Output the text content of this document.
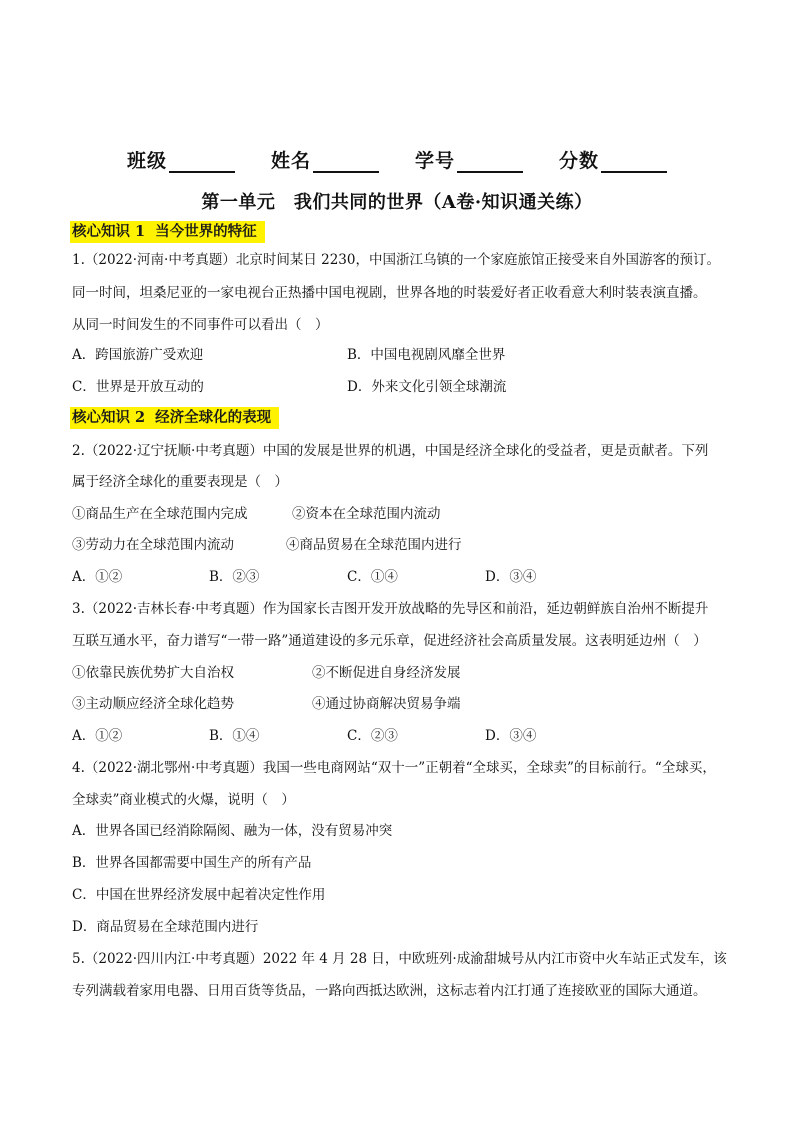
班级	姓名	学号	分数
第一单元　我们共同的世界（A卷·知识通关练）
核心知识 1 当今世界的特征
1.（2022·河南·中考真题）北京时间某日 2230，中国浙江乌镇的一个家庭旅馆正接受来自外国游客的预订。
同一时间，坦桑尼亚的一家电视台正热播中国电视剧，世界各地的时装爱好者正收看意大利时装表演直播。
从同一时间发生的不同事件可以看出（　）
A．跨国旅游广受欢迎	B．中国电视剧风靡全世界
C．世界是开放互动的	D．外来文化引领全球潮流
核心知识 2 经济全球化的表现
2.（2022·辽宁抚顺·中考真题）中国的发展是世界的机遇，中国是经济全球化的受益者，更是贡献者。下列
属于经济全球化的重要表现是（　）
①商品生产在全球范围内完成	②资本在全球范围内流动
③劳动力在全球范围内流动	④商品贸易在全球范围内进行
A．①②	B．②③	C．①④	D．③④
3.（2022·吉林长春·中考真题）作为国家长吉图开发开放战略的先导区和前沿，延边朝鲜族自治州不断提升
互联互通水平，奋力谱写“一带一路”通道建设的多元乐章，促进经济社会高质量发展。这表明延边州（　）
①依靠民族优势扩大自治权	②不断促进自身经济发展
③主动顺应经济全球化趋势	④通过协商解决贸易争端
A．①②	B．①④	C．②③	D．③④
4.（2022·湖北鄂州·中考真题）我国一些电商网站“双十一”正朝着“全球买，全球卖”的目标前行。“全球买，
全球卖”商业模式的火爆，说明（　）
A．世界各国已经消除隔阂、融为一体，没有贸易冲突
B．世界各国都需要中国生产的所有产品
C．中国在世界经济发展中起着决定性作用
D．商品贸易在全球范围内进行
5.（2022·四川内江·中考真题）2022 年 4 月 28 日，中欧班列·成渝甜城号从内江市资中火车站正式发车，该
专列满载着家用电器、日用百货等货品，一路向西抵达欧洲，这标志着内江打通了连接欧亚的国际大通道。
